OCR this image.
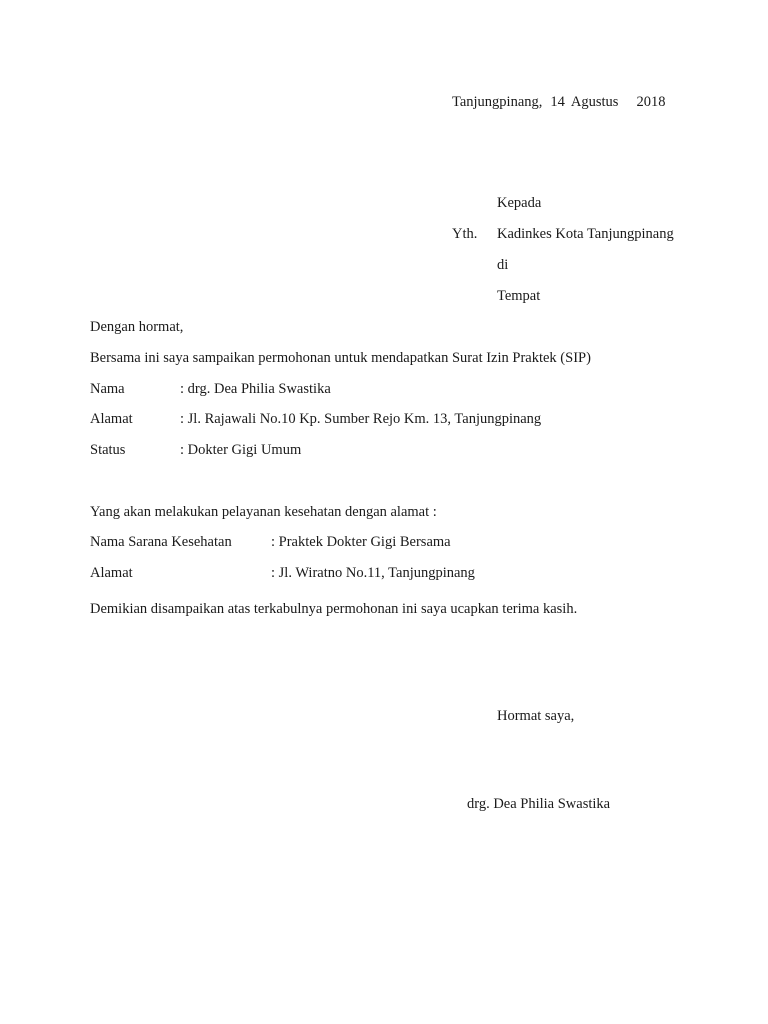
Tanjungpinang, 14 Agustus 2018
Kepada
Yth. Kadinkes Kota Tanjungpinang
di
Tempat
Dengan hormat,
Bersama ini saya sampaikan permohonan untuk mendapatkan Surat Izin Praktek (SIP)
Nama	: drg. Dea Philia Swastika
Alamat	: Jl. Rajawali No.10 Kp. Sumber Rejo Km. 13, Tanjungpinang
Status	: Dokter Gigi Umum
Yang akan melakukan pelayanan kesehatan dengan alamat :
Nama Sarana Kesehatan	: Praktek Dokter Gigi Bersama
Alamat	: Jl. Wiratno No.11, Tanjungpinang
Demikian disampaikan atas terkabulnya permohonan ini saya ucapkan terima kasih.
Hormat saya,
drg. Dea Philia Swastika
